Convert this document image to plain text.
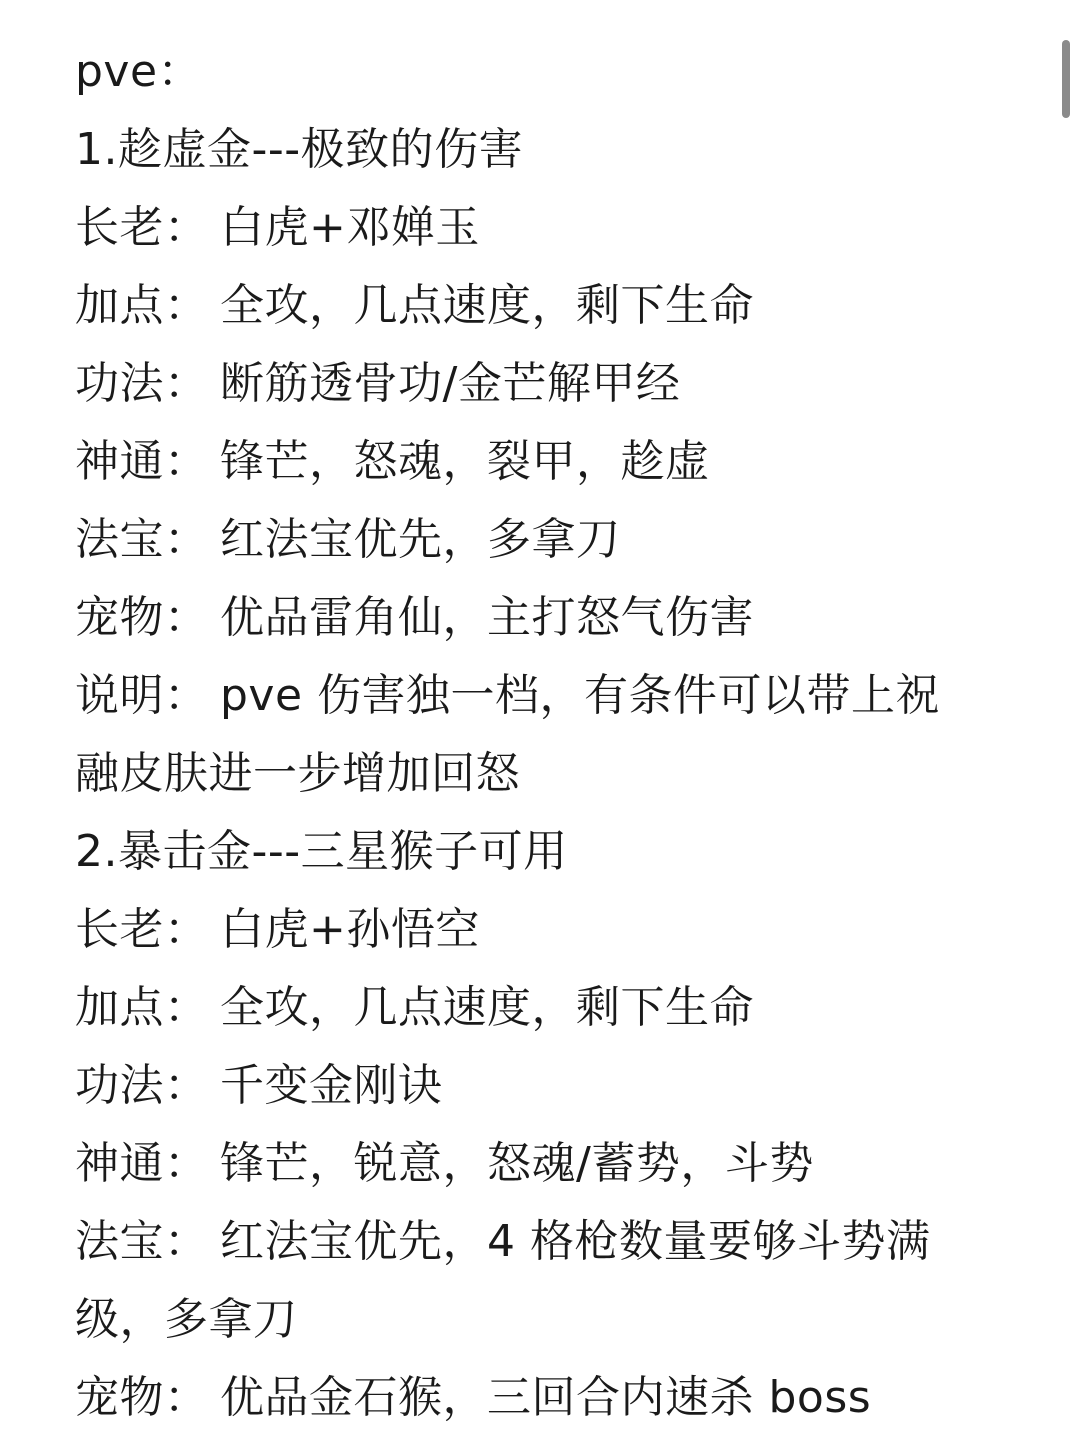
pve：
1.趁虚金---极致的伤害
长老： 白虎+邓婵玉
加点： 全攻，几点速度，剩下生命
功法： 断筋透骨功/金芒解甲经
神通： 锋芒，怒魂，裂甲，趁虚
法宝： 红法宝优先，多拿刀
宠物： 优品雷角仙，主打怒气伤害
说明： pve 伤害独一档，有条件可以带上祝
融皮肤进一步增加回怒
2.暴击金---三星猴子可用
长老： 白虎+孙悟空
加点： 全攻，几点速度，剩下生命
功法： 千变金刚诀
神通： 锋芒，锐意，怒魂/蓄势，斗势
法宝： 红法宝优先，4 格枪数量要够斗势满
级，多拿刀
宠物： 优品金石猴，三回合内速杀 boss
